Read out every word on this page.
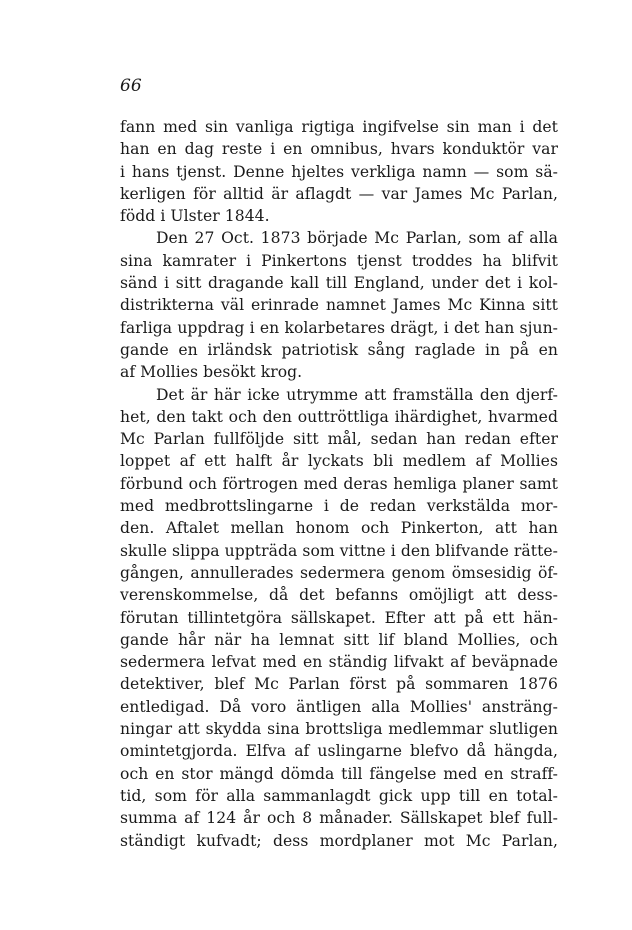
66
fann med sin vanliga rigtiga ingifvelse sin man i det
han en dag reste i en omnibus, hvars konduktör var
i hans tjenst. Denne hjeltes verkliga namn — som sä-
kerligen för alltid är aflagdt — var James Mc Parlan,
född i Ulster 1844.
Den 27 Oct. 1873 började Mc Parlan, som af alla
sina kamrater i Pinkertons tjenst troddes ha blifvit
sänd i sitt dragande kall till England, under det i kol-
distrikterna väl erinrade namnet James Mc Kinna sitt
farliga uppdrag i en kolarbetares drägt, i det han sjun-
gande en irländsk patriotisk sång raglade in på en
af Mollies besökt krog.
Det är här icke utrymme att framställa den djerf-
het, den takt och den outtröttliga ihärdighet, hvarmed
Mc Parlan fullföljde sitt mål, sedan han redan efter
loppet af ett halft år lyckats bli medlem af Mollies
förbund och förtrogen med deras hemliga planer samt
med medbrottslingarne i de redan verkstälda mor-
den. Aftalet mellan honom och Pinkerton, att han
skulle slippa uppträda som vittne i den blifvande rätte-
gången, annullerades sedermera genom ömsesidig öf-
verenskommelse, då det befanns omöjligt att dess-
förutan tillintetgöra sällskapet. Efter att på ett hän-
gande hår när ha lemnat sitt lif bland Mollies, och
sedermera lefvat med en ständig lifvakt af beväpnade
detektiver, blef Mc Parlan först på sommaren 1876
entledigad. Då voro äntligen alla Mollies' ansträng-
ningar att skydda sina brottsliga medlemmar slutligen
omintetgjorda. Elfva af uslingarne blefvo då hängda,
och en stor mängd dömda till fängelse med en straff-
tid, som för alla sammanlagdt gick upp till en total-
summa af 124 år och 8 månader. Sällskapet blef full-
ständigt kufvadt; dess mordplaner mot Mc Parlan,
